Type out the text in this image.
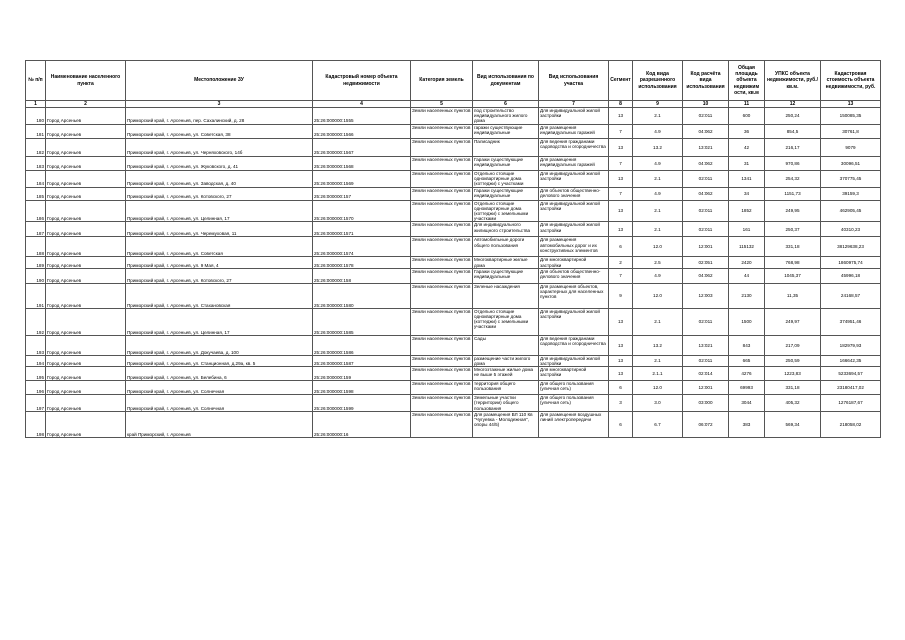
№ п/п	Наименование населенного пункта	Местоположение ЗУ	Кадастровый номер объекта недвижимости	Категория земель	Вид использования по документам	Вид использования участка	Сегмент	Код вида разрешенного использования	Код расчёта вида использования	Общая площадь объекта недвижим ости, кв.м	УПКС объекта недвижимости, руб./кв.м.	Кадастровая стоимость объекта недвижимости, руб.
1	2	3	4	5	6	7	8	9	10	11	12	13
180	Город Арсеньев	Приморский край, г. Арсеньев, пер. Сахалинский, д. 28	25:26:000000:1555	Земли населенных пунктов	под строительство индивидуального жилого дома	Для индивидуальной жилой застройки	13	2.1	02:011	600	250,24	150085,35
181	Город Арсеньев	Приморский край, г. Арсеньев, ул. Советская, 38	25:26:000000:1566	Земли населенных пунктов	гаражи существующие индивидуальные	Для размещения индивидуальных гаражей	7	4.9	04:062	36	854,5	30761,8
182	Город Арсеньев	Приморский край, г. Арсеньев, ул. Черняховского, 14б	25:26:000000:1567	Земли населенных пунктов	Палисадник	Для ведения гражданами садоводства и огородничества	13	13.2	13:021	42	216,17	9079
183	Город Арсеньев	Приморский край, г. Арсеньев, ул. Жуковского, д. 41	25:26:000000:1568	Земли населенных пунктов	Гаражи существующие индивидуальные	Для размещения индивидуальных гаражей	7	4.9	04:062	31	970,86	30096,51
184	Город Арсеньев	Приморский край, г. Арсеньев, ул. Заводская, д. 40	25:26:000000:1569	Земли населенных пунктов	Отдельно стоящие одноквартирные дома (коттеджи) с участками	Для индивидуальной жилой застройки	13	2.1	02:011	1341	254,32	370775,45
185	Город Арсеньев	Приморский край, г. Арсеньев, ул. Котовского, 27	25:26:000000:157	Земли населенных пунктов	Гаражи существующие индивидуальные	Для объектов общественно-делового значения	7	4.9	04:062	34	1151,73	39159,3
186	Город Арсеньев	Приморский край, г. Арсеньев, ул. Целинная, 17	25:26:000000:1570	Земли населенных пунктов	Отдельно стоящие одноквартирные дома (коттеджи) с земельными участками	Для индивидуальной жилой застройки	13	2.1	02:011	1852	249,95	462905,45
187	Город Арсеньев	Приморский край, г. Арсеньев, ул. Черемуховая, 11	25:26:000000:1571	Земли населенных пунктов	Для индивидуального жилищного строительства	Для индивидуальной жилой застройки	13	2.1	02:011	161	250,37	40310,23
188	Город Арсеньев	Приморский край, г. Арсеньев, ул. Советская	25:26:000000:1574	Земли населенных пунктов	Автомобильные дороги общего пользования	Для размещения автомобильных дорог и их конструктивных элементов	6	12.0	12:001	115132	331,18	38129638,23
189	Город Арсеньев	Приморский край, г. Арсеньев, ул. 9 Мая, 4	25:26:000000:1578	Земли населенных пунктов	Многоквартирные жилые дома	Для многоквартирной застройки	2	2.5	02:051	2420	768,98	1860975,74
190	Город Арсеньев	Приморский край, г. Арсеньев, ул. Котовского, 27	25:26:000000:158	Земли населенных пунктов	Гаражи существующие индивидуальные	Для объектов общественно-делового значения	7	4.9	04:062	44	1045,37	45996,18
191	Город Арсеньев	Приморский край, г. Арсеньев, ул. Стахановская	25:26:000000:1580	Земли населенных пунктов	Зеленые насаждения	Для размещения объектов, характерных для населенных пунктов	9	12.0	12:003	2130	11,35	24168,57
192	Город Арсеньев	Приморский край, г. Арсеньев, ул. Целинная, 17	25:26:000000:1585	Земли населенных пунктов	Отдельно стоящие одноквартирные дома (коттеджи) с земельными участками	Для индивидуальной жилой застройки	13	2.1	02:011	1500	249,97	374951,46
193	Город Арсеньев	Приморский край, г. Арсеньев, ул. Докучаева, д. 100	25:26:000000:1586	Земли населенных пунктов	Сады	Для ведения гражданами садоводства и огородничества	13	13.2	13:021	843	217,09	182979,93
194	Город Арсеньев	Приморский край, г. Арсеньев, ул. Станционная, д.29а, кв. 5	25:26:000000:1587	Земли населенных пунктов	размещение части жилого дома	Для индивидуальной жилой застройки	13	2.1	02:011	665	250,59	166642,35
195	Город Арсеньев	Приморский край, г. Арсеньев, ул. Белебина, 6	25:26:000000:159	Земли населенных пунктов	Многоэтажные жилые дома не выше 5 этажей	Для многоквартирной застройки	13	2.1.1	02:014	4276	1223,83	5233694,57
196	Город Арсеньев	Приморский край, г. Арсеньев, ул. Солнечная	25:26:000000:1598	Земли населенных пунктов	территория общего пользования	Для общего пользования (уличная сеть)	6	12.0	12:001	69993	331,18	23180417,02
197	Город Арсеньев	Приморский край, г. Арсеньев, ул. Солнечная	25:26:000000:1599	Земли населенных пунктов	Земельные участки (территории) общего пользования	Для общего пользования (уличная сеть)	3	3.0	03:000	3044	405,32	1276187,67
198	Город Арсеньев	край Приморский, г. Арсеньев	25:26:000000:16	Земли населенных пунктов	Для размещения ВЛ 110 Кв "Чугуевка - Молодежная", опоры 44/5)	Для размещения воздушных линий электропередачи	6	6.7	06:072	383	569,34	218058,02
